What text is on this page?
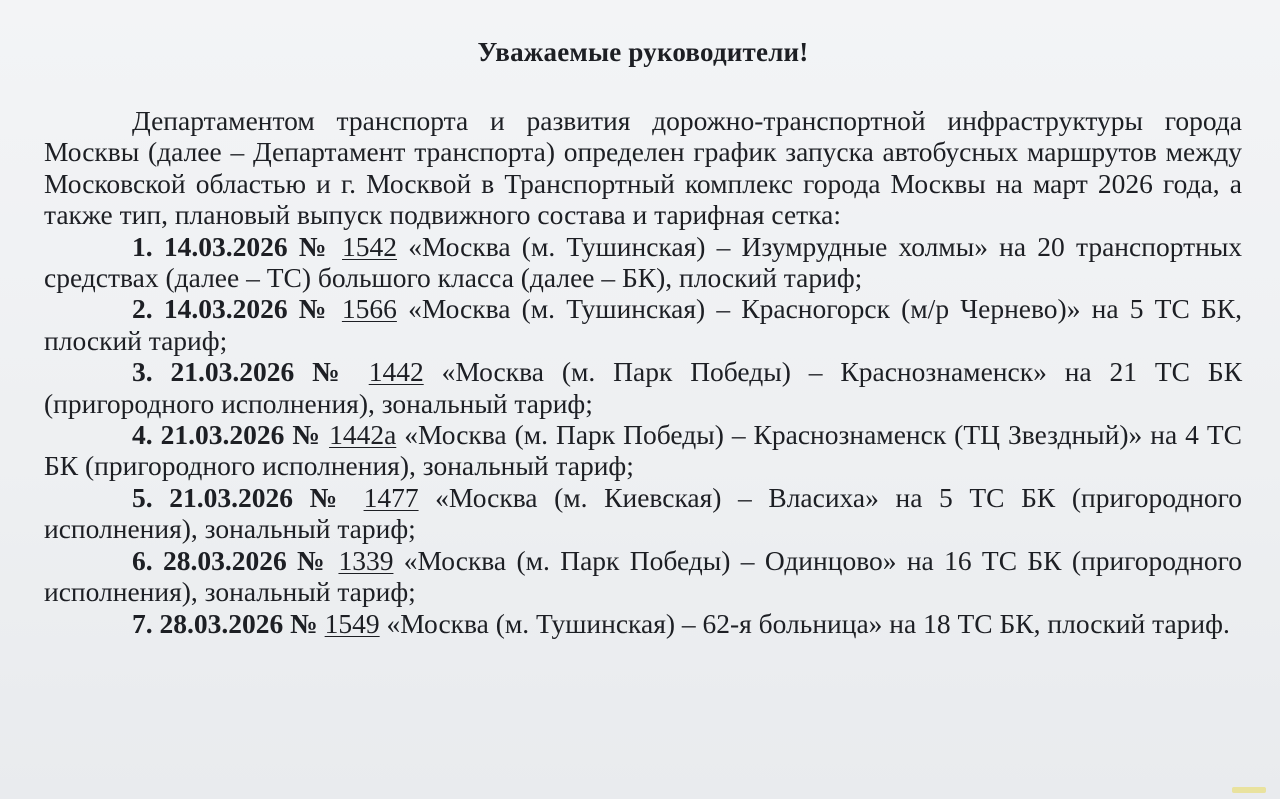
Уважаемые руководители!

Департаментом транспорта и развития дорожно-транспортной инфраструктуры города Москвы (далее – Департамент транспорта) определен график запуска автобусных маршрутов между Московской областью и г. Москвой в Транспортный комплекс города Москвы на март 2026 года, а также тип, плановый выпуск подвижного состава и тарифная сетка:

1. 14.03.2026 № 1542 «Москва (м. Тушинская) – Изумрудные холмы» на 20 транспортных средствах (далее – ТС) большого класса (далее – БК), плоский тариф;
2. 14.03.2026 № 1566 «Москва (м. Тушинская) – Красногорск (м/р Чернево)» на 5 ТС БК, плоский тариф;
3. 21.03.2026 № 1442 «Москва (м. Парк Победы) – Краснознаменск» на 21 ТС БК (пригородного исполнения), зональный тариф;
4. 21.03.2026 № 1442а «Москва (м. Парк Победы) – Краснознаменск (ТЦ Звездный)» на 4 ТС БК (пригородного исполнения), зональный тариф;
5. 21.03.2026 № 1477 «Москва (м. Киевская) – Власиха» на 5 ТС БК (пригородного исполнения), зональный тариф;
6. 28.03.2026 № 1339 «Москва (м. Парк Победы) – Одинцово» на 16 ТС БК (пригородного исполнения), зональный тариф;
7. 28.03.2026 № 1549 «Москва (м. Тушинская) – 62-я больница» на 18 ТС БК, плоский тариф.
